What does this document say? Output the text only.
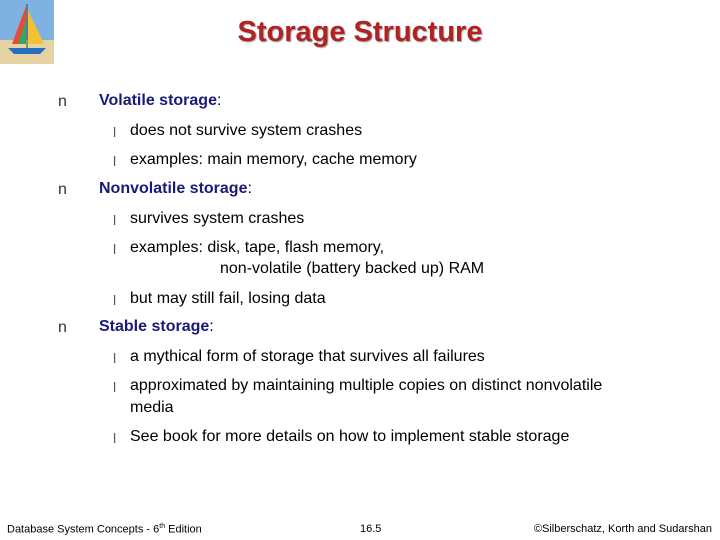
Storage Structure
n Volatile storage:
l does not survive system crashes
l examples: main memory, cache memory
n Nonvolatile storage:
l survives system crashes
l examples: disk, tape, flash memory,
non-volatile (battery backed up) RAM
l but may still fail, losing data
n Stable storage:
l a mythical form of storage that survives all failures
l approximated by maintaining multiple copies on distinct nonvolatile
media
l See book for more details on how to implement stable storage
Database System Concepts - 6th Edition	16.5	©Silberschatz, Korth and Sudarshan
